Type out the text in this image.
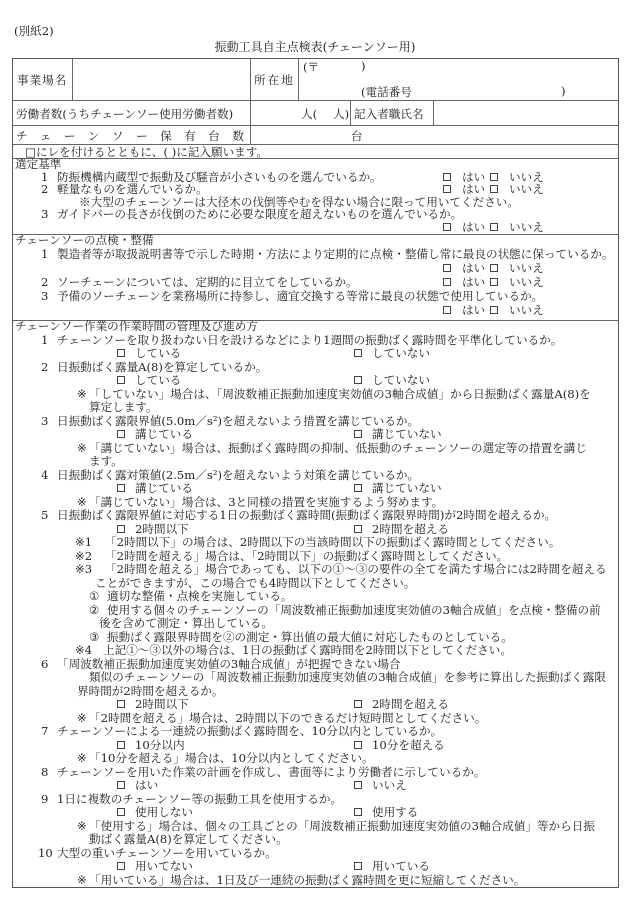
(別紙2)
振動工具自主点検表(チェーンソー用)
事業場名	所在地
(〒	)
(電話番号	)
労働者数(うちチェーンソー使用労働者数)	人( 人) 記入者職氏名
チェーンソー保有台数	台
□にレを付けるとともに、( )に記入願います。
選定基準
1 防振機構内蔵型で振動及び騒音が小さいものを選んでいるか。	はい いいえ
2 軽量なものを選んでいるか。	はい いいえ
※大型のチェーンソーは大径木の伐倒等やむを得ない場合に限って用いてください。
3 ガイドバーの長さが伐倒のために必要な限度を超えないものを選んでいるか。
はい いいえ
チェーンソーの点検・整備
1 製造者等が取扱説明書等で示した時期・方法により定期的に点検・整備し常に最良の状態に保っているか。
はい いいえ
2 ソーチェーンについては、定期的に目立てをしているか。	はい いいえ
3 予備のソーチェーンを業務場所に持参し、適宜交換する等常に最良の状態で使用しているか。
はい いいえ
チェーンソー作業の作業時間の管理及び進め方
1 チェーンソーを取り扱わない日を設けるなどにより1週間の振動ばく露時間を平準化しているか。
している	していない
2 日振動ばく露量A(8)を算定しているか。
している	していない
※ 「していない」場合は、「周波数補正振動加速度実効値の3軸合成値」から日振動ばく露量A(8)を
算定します。
3 日振動ばく露限界値(5.0m／s²)を超えないよう措置を講じているか。
講じている	講じていない
※ 「講じていない」場合は、振動ばく露時間の抑制、低振動のチェーンソーの選定等の措置を講じ
ます。
4 日振動ばく露対策値(2.5m／s²)を超えないよう対策を講じているか。
講じている	講じていない
※ 「講じていない」場合は、3と同様の措置を実施するよう努めます。
5 日振動ばく露限界値に対応する1日の振動ばく露時間(振動ばく露限界時間)が2時間を超えるか。
2時間以下	2時間を超える
※1 「2時間以下」の場合は、2時間以下の当該時間以下の振動ばく露時間としてください。
※2 「2時間を超える」場合は、「2時間以下」の振動ばく露時間としてください。
※3 「2時間を超える」場合であっても、以下の①～③の要件の全てを満たす場合には2時間を超える
ことができますが、この場合でも4時間以下としてください。
① 適切な整備・点検を実施している。
② 使用する個々のチェーンソーの「周波数補正振動加速度実効値の3軸合成値」を点検・整備の前
後を含めて測定・算出している。
③ 振動ばく露限界時間を②の測定・算出値の最大値に対応したものとしている。
※4 上記①～③以外の場合は、1日の振動ばく露時間を2時間以下としてください。
6 「周波数補正振動加速度実効値の3軸合成値」が把握できない場合
類似のチェーンソーの「周波数補正振動加速度実効値の3軸合成値」を参考に算出した振動ばく露限
界時間が2時間を超えるか。
2時間以下	2時間を超える
※ 「2時間を超える」場合は、2時間以下のできるだけ短時間としてください。
7 チェーンソーによる一連続の振動ばく露時間を、10分以内としているか。
10分以内	10分を超える
※ 「10分を超える」場合は、10分以内としてください。
8 チェーンソーを用いた作業の計画を作成し、書面等により労働者に示しているか。
はい	いいえ
9 1日に複数のチェーンソー等の振動工具を使用するか。
使用しない	使用する
※ 「使用する」場合は、個々の工具ごとの「周波数補正振動加速度実効値の3軸合成値」等から日振
動ばく露量A(8)を算定してください。
10 大型の重いチェーンソーを用いているか。
用いてない	用いている
※ 「用いている」場合は、1日及び一連続の振動ばく露時間を更に短縮してください。
